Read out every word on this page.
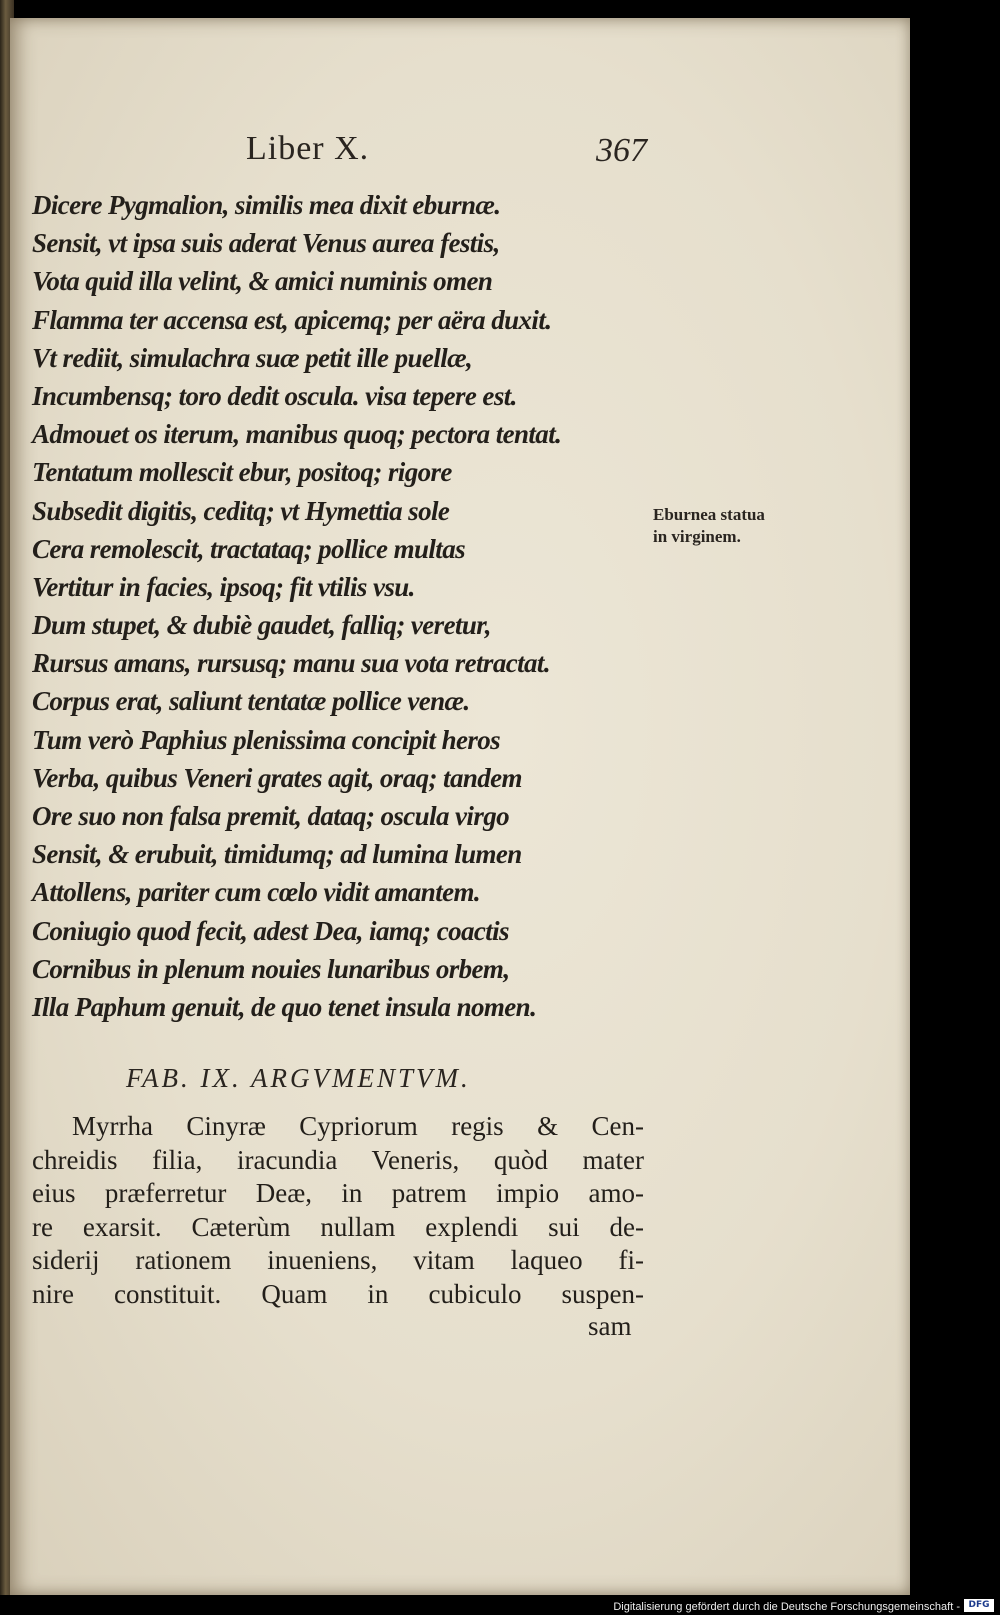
Liber X.	367
Dicere Pygmalion, similis mea dixit eburnæ.
Sensit, vt ipsa suis aderat Venus aurea festis,
Vota quid illa velint, & amici numinis omen
Flamma ter accensa est, apicemq; per aëra duxit.
Vt rediit, simulachra suæ petit ille puellæ,
Incumbensq; toro dedit oscula. visa tepere est.
Admouet os iterum, manibus quoq; pectora tentat.
Tentatum mollescit ebur, positoq; rigore
Subsedit digitis, ceditq; vt Hymettia sole
Cera remolescit, tractataq; pollice multas
Vertitur in facies, ipsoq; fit vtilis vsu.
Dum stupet, & dubiè gaudet, falliq; veretur,
Rursus amans, rursusq; manu sua vota retractat.
Corpus erat, saliunt tentatæ pollice venæ.
Tum verò Paphius plenissima concipit heros
Verba, quibus Veneri grates agit, oraq; tandem
Ore suo non falsa premit, dataq; oscula virgo
Sensit, & erubuit, timidumq; ad lumina lumen
Attollens, pariter cum cœlo vidit amantem.
Coniugio quod fecit, adest Dea, iamq; coactis
Cornibus in plenum nouies lunaribus orbem,
Illa Paphum genuit, de quo tenet insula nomen.
Eburnea statua in virginem.
FAB. IX. ARGVMENTVM.
Myrrha Cinyræ Cypriorum regis & Cen-
chreidis filia, iracundia Veneris, quòd mater
eius præferretur Deæ, in patrem impio amo-
re exarsit. Cæterùm nullam explendi sui de-
siderij rationem inueniens, vitam laqueo fi-
nire constituit. Quam in cubiculo suspen-
sam
Digitalisierung gefördert durch die Deutsche Forschungsgemeinschaft - DFG
